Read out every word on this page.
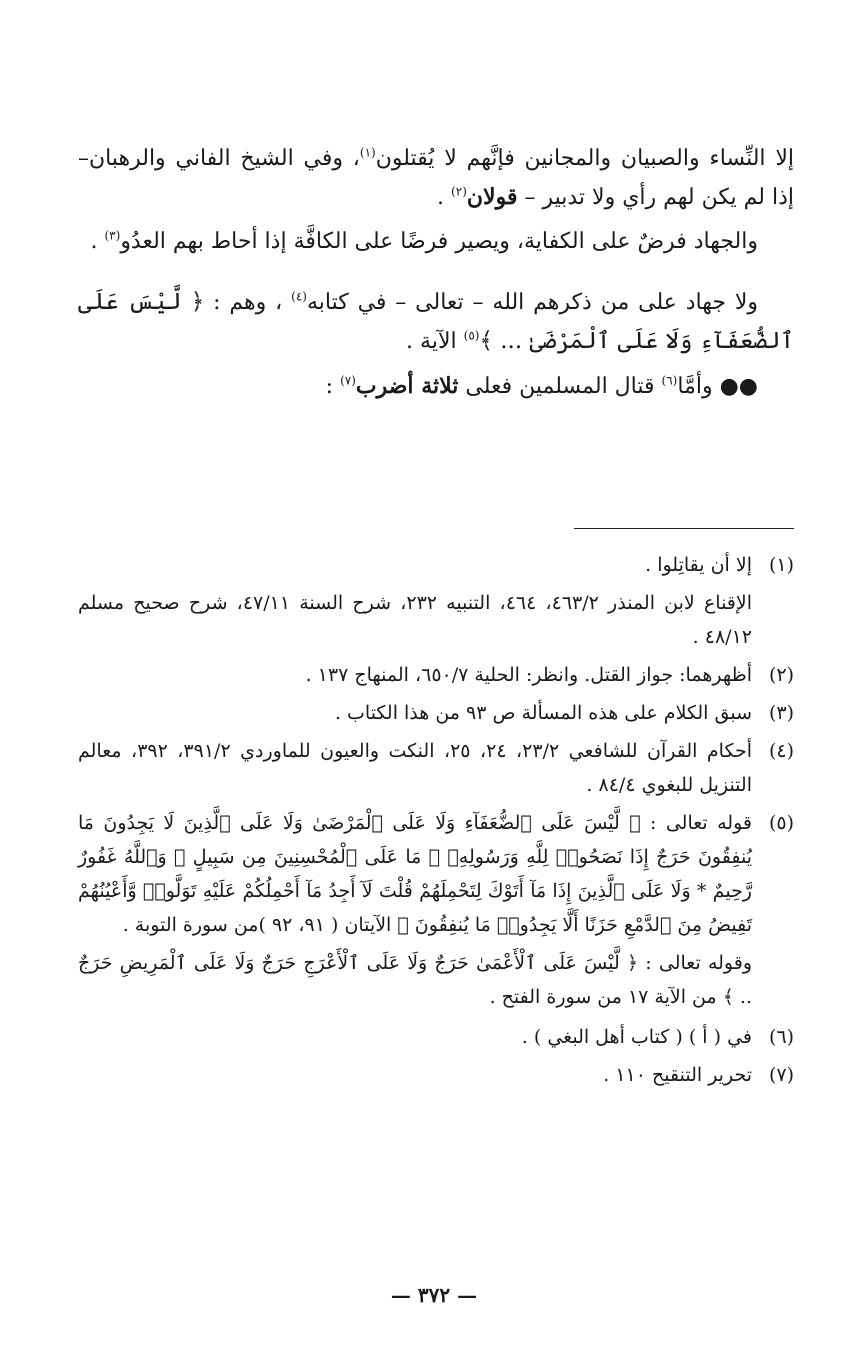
إلا النِّساء والصبيان والمجانين فإنَّهم لا يُقتلون$^{(١)}$، وفي الشيخ الفاني والرهبان– إذا لم يكن لهم رأي ولا تدبير – قولان$^{(٢)}$ .

والجهاد فرضٌ على الكفاية، ويصير فرضًا على الكافَّة إذا أحاط بهم العدُو$^{(٣)}$ .

ولا جهاد على من ذكرهم الله – تعالى – في كتابه$^{(٤)}$ ، وهم : ﴿ لَّيْسَ عَلَى ٱلضُّعَفَآءِ وَلَا عَلَى ٱلْمَرْضَىٰ ... ﴾$^{(٥)}$ الآية .

●● وأمَّا$^{(٦)}$ قتال المسلمين فعلى ثلاثة أضرب$^{(٧)}$ :

(١)

إلا أن يقاتِلوا .

الإقناع لابن المنذر ٤٦٣/٢، ٤٦٤، التنبيه ٢٣٢، شرح السنة ٤٧/١١، شرح صحيح مسلم ٤٨/١٢ .

(٢)

أظهرهما: جواز القتل. وانظر: الحلية ٦٥٠/٧، المنهاج ١٣٧ .

(٣)

سبق الكلام على هذه المسألة ص ٩٣ من هذا الكتاب .

(٤)

أحكام القرآن للشافعي ٢٣/٢، ٢٤، ٢٥، النكت والعيون للماوردي ٣٩١/٢، ٣٩٢، معالم التنزيل للبغوي ٨٤/٤ .

(٥)

قوله تعالى : ﴿ لَّيْسَ عَلَى ٱلضُّعَفَآءِ وَلَا عَلَى ٱلْمَرْضَىٰ وَلَا عَلَى ٱلَّذِينَ لَا يَجِدُونَ مَا يُنفِقُونَ حَرَجٌ إِذَا نَصَحُوا۟ لِلَّهِ وَرَسُولِهِۦ ۚ مَا عَلَى ٱلْمُحْسِنِينَ مِن سَبِيلٍ ۚ وَٱللَّهُ غَفُورٌ رَّحِيمٌ * وَلَا عَلَى ٱلَّذِينَ إِذَا مَآ أَتَوْكَ لِتَحْمِلَهُمْ قُلْتَ لَآ أَجِدُ مَآ أَحْمِلُكُمْ عَلَيْهِ تَوَلَّوا۟ وَّأَعْيُنُهُمْ تَفِيضُ مِنَ ٱلدَّمْعِ حَزَنًا أَلَّا يَجِدُوا۟ مَا يُنفِقُونَ ﴾ الآيتان ( ٩١، ٩٢ )من سورة التوبة .

وقوله تعالى : ﴿ لَّيْسَ عَلَى ٱلْأَعْمَىٰ حَرَجٌ وَلَا عَلَى ٱلْأَعْرَجِ حَرَجٌ وَلَا عَلَى ٱلْمَرِيضِ حَرَجٌ .. ﴾ من الآية ١٧ من سورة الفتح .
(٦)

في ( أ ) ( كتاب أهل البغي ) .

(٧)

تحرير التنقيح ١١٠ .

— ٣٧٢ —
